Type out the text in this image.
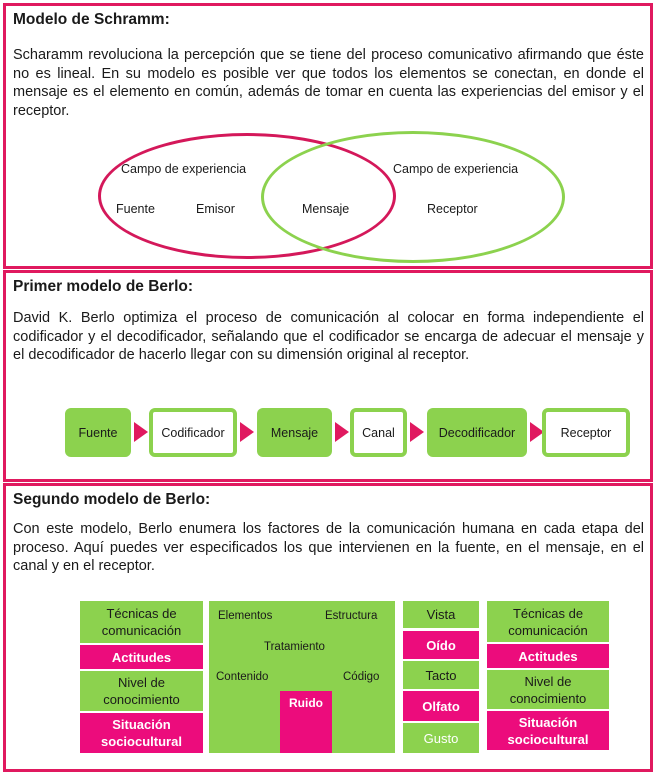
Modelo de Schramm:
Scharamm revoluciona la percepción que se tiene del proceso comunicativo afirmando que éste no es lineal. En su modelo es posible ver que todos los elementos se conectan, en donde el mensaje es el elemento en común, además de tomar en cuenta las experiencias del emisor y el receptor.
Campo de experiencia	Campo de experiencia
Fuente	Emisor	Mensaje	Receptor
Primer modelo de Berlo:
David K. Berlo optimiza el proceso de comunicación al colocar en forma independiente el codificador y el decodificador, señalando que el codificador se encarga de adecuar el mensaje y el decodificador de hacerlo llegar con su dimensión original al receptor.
Fuente	Codificador	Mensaje	Canal	Decodificador	Receptor
Segundo modelo de Berlo:
Con este modelo, Berlo enumera los factores de la comunicación humana en cada etapa del proceso. Aquí puedes ver especificados los que intervienen en la fuente, en el mensaje, en el canal y en el receptor.
Técnicas de comunicación
Actitudes
Nivel de conocimiento
Situación sociocultural
Elementos	Estructura
Tratamiento
Contenido	Código
Ruido
Vista
Oído
Tacto
Olfato
Gusto
Técnicas de comunicación
Actitudes
Nivel de conocimiento
Situación sociocultural
